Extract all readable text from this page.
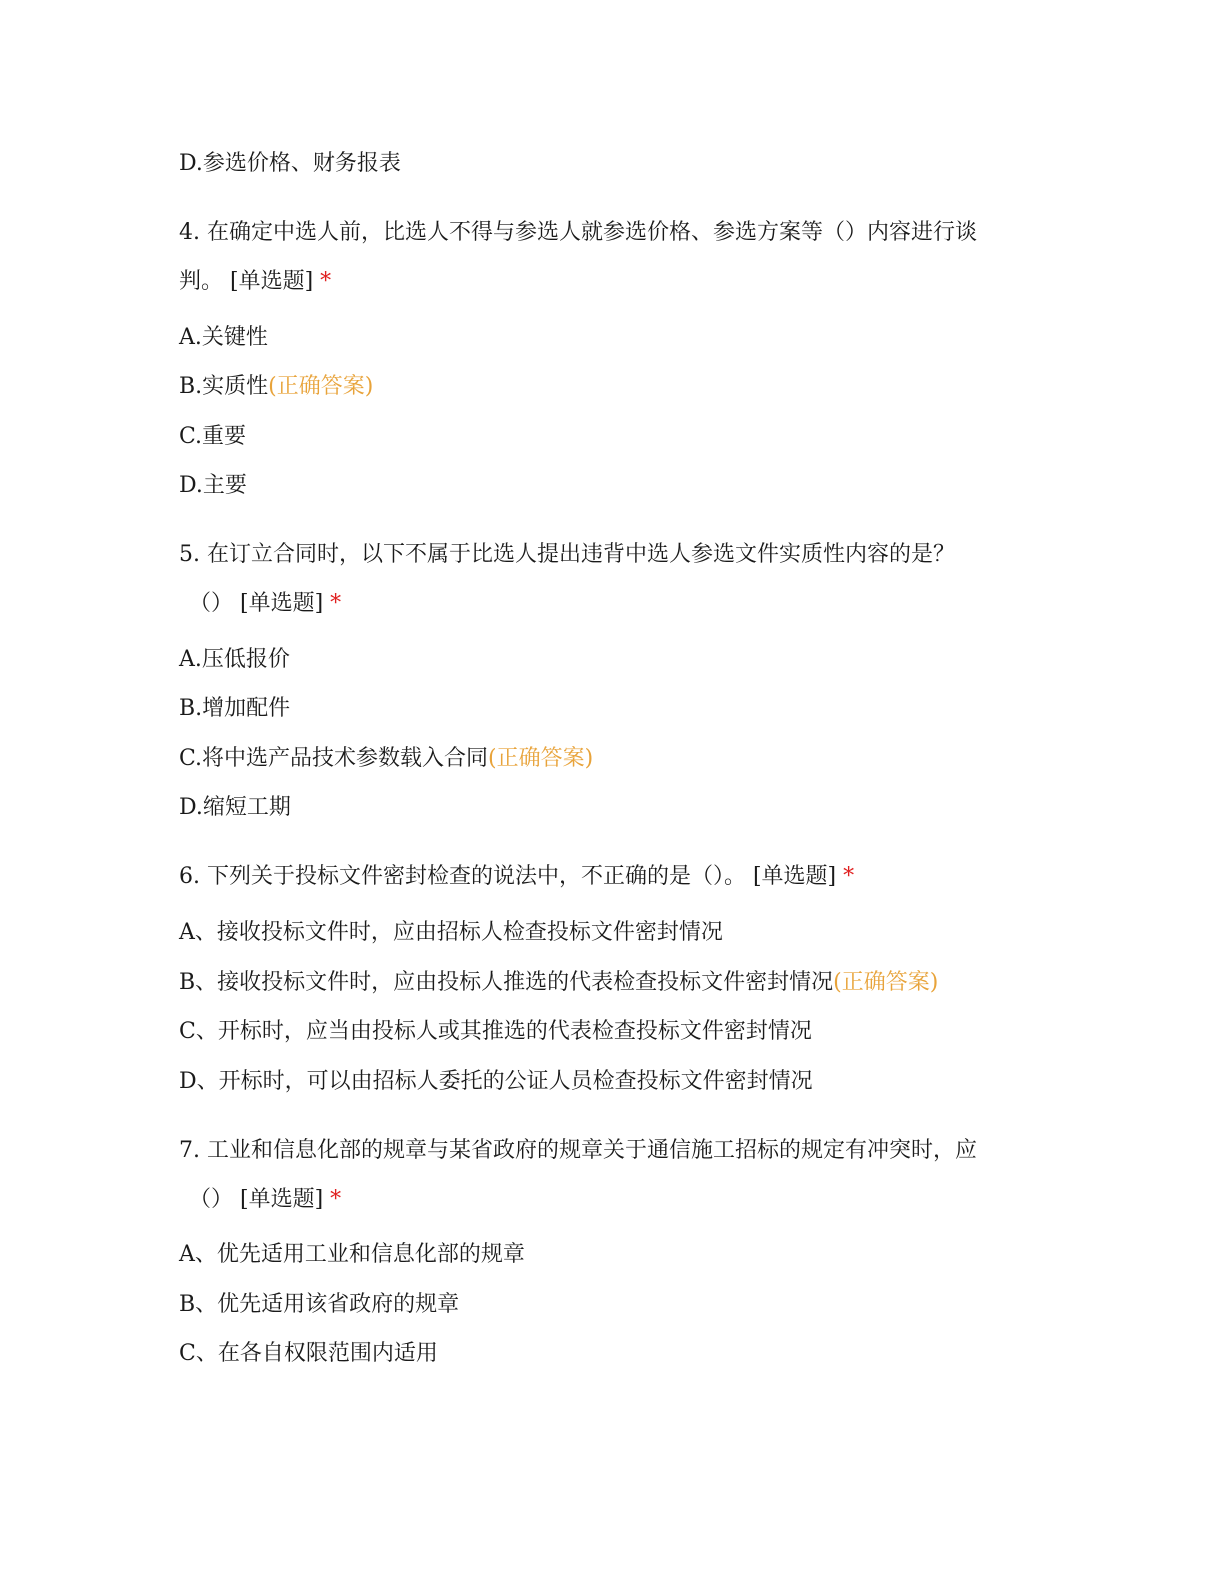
D.参选价格、财务报表
4. 在确定中选人前，比选人不得与参选人就参选价格、参选方案等（）内容进行谈
判。 [单选题] *
A.关键性
B.实质性(正确答案)
C.重要
D.主要
5. 在订立合同时，以下不属于比选人提出违背中选人参选文件实质性内容的是？
（） [单选题] *
A.压低报价
B.增加配件
C.将中选产品技术参数载入合同(正确答案)
D.缩短工期
6. 下列关于投标文件密封检查的说法中，不正确的是（）。 [单选题] *
A、接收投标文件时，应由招标人检查投标文件密封情况
B、接收投标文件时，应由投标人推选的代表检查投标文件密封情况(正确答案)
C、开标时，应当由投标人或其推选的代表检查投标文件密封情况
D、开标时，可以由招标人委托的公证人员检查投标文件密封情况
7. 工业和信息化部的规章与某省政府的规章关于通信施工招标的规定有冲突时，应
（） [单选题] *
A、优先适用工业和信息化部的规章
B、优先适用该省政府的规章
C、在各自权限范围内适用
